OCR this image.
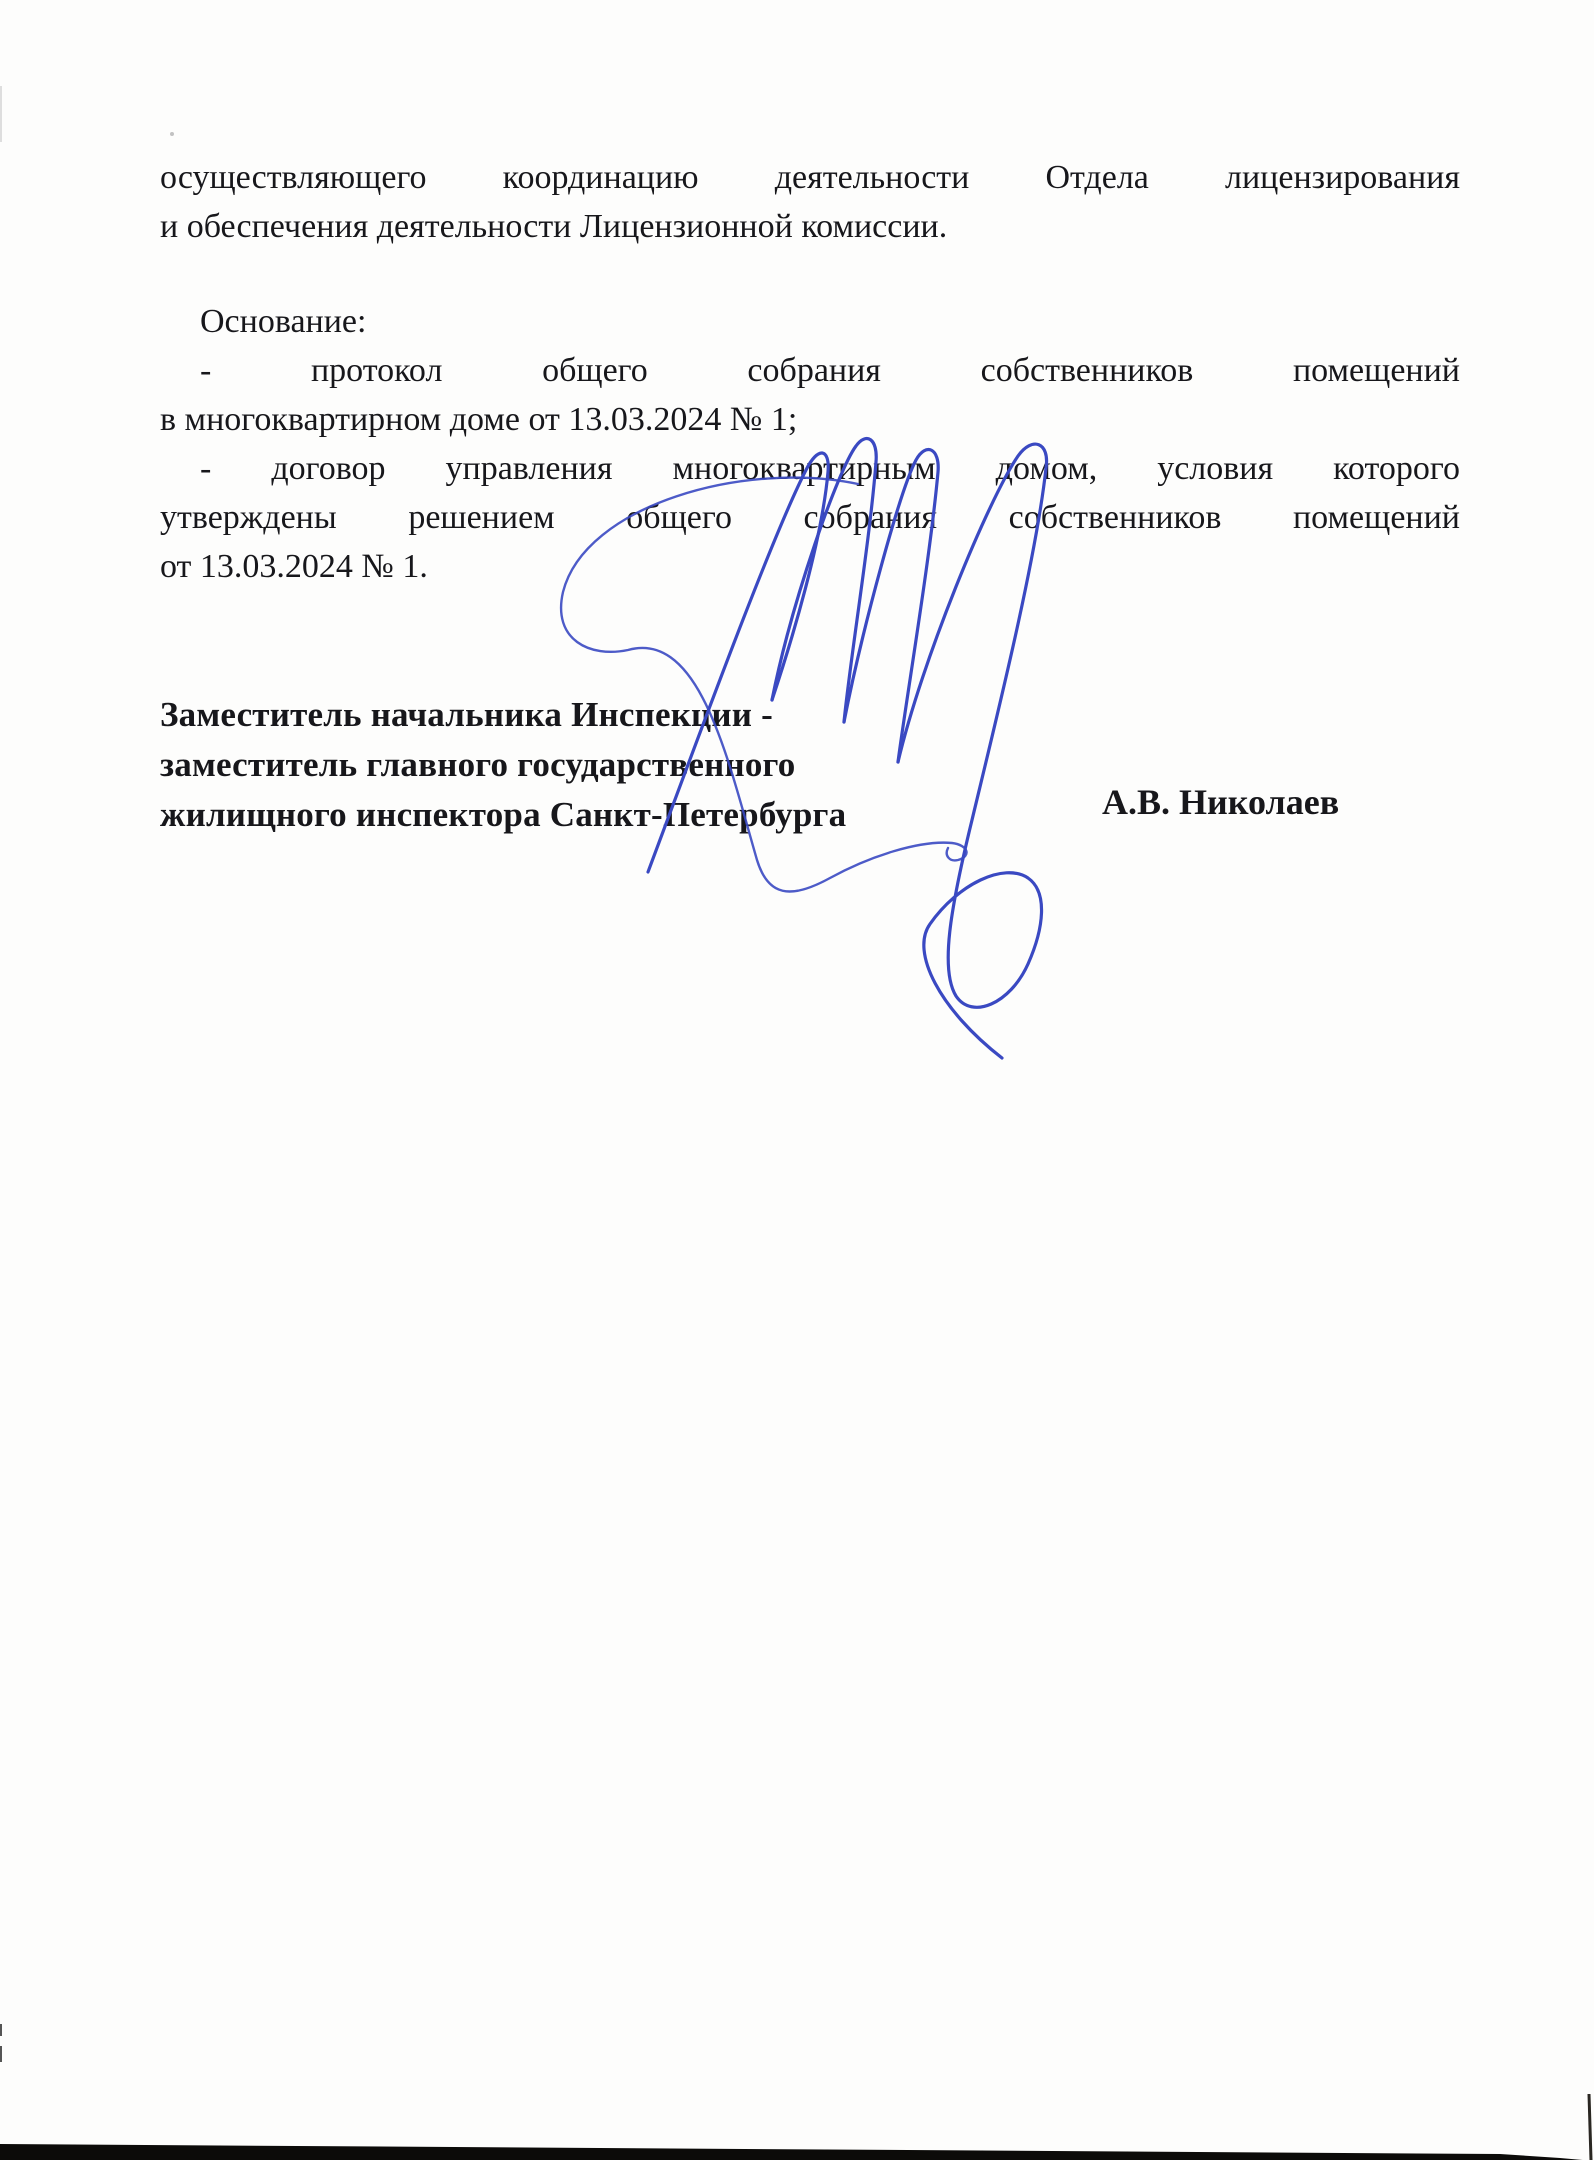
осуществляющего координацию деятельности Отдела лицензирования
и обеспечения деятельности Лицензионной комиссии.
Основание:
- протокол общего собрания собственников помещений
в многоквартирном доме от 13.03.2024 № 1;
- договор управления многоквартирным домом, условия которого
утверждены решением общего собрания собственников помещений
от 13.03.2024 № 1.
Заместитель начальника Инспекции -
заместитель главного государственного
жилищного инспектора Санкт-Петербурга	А.В. Николаев
